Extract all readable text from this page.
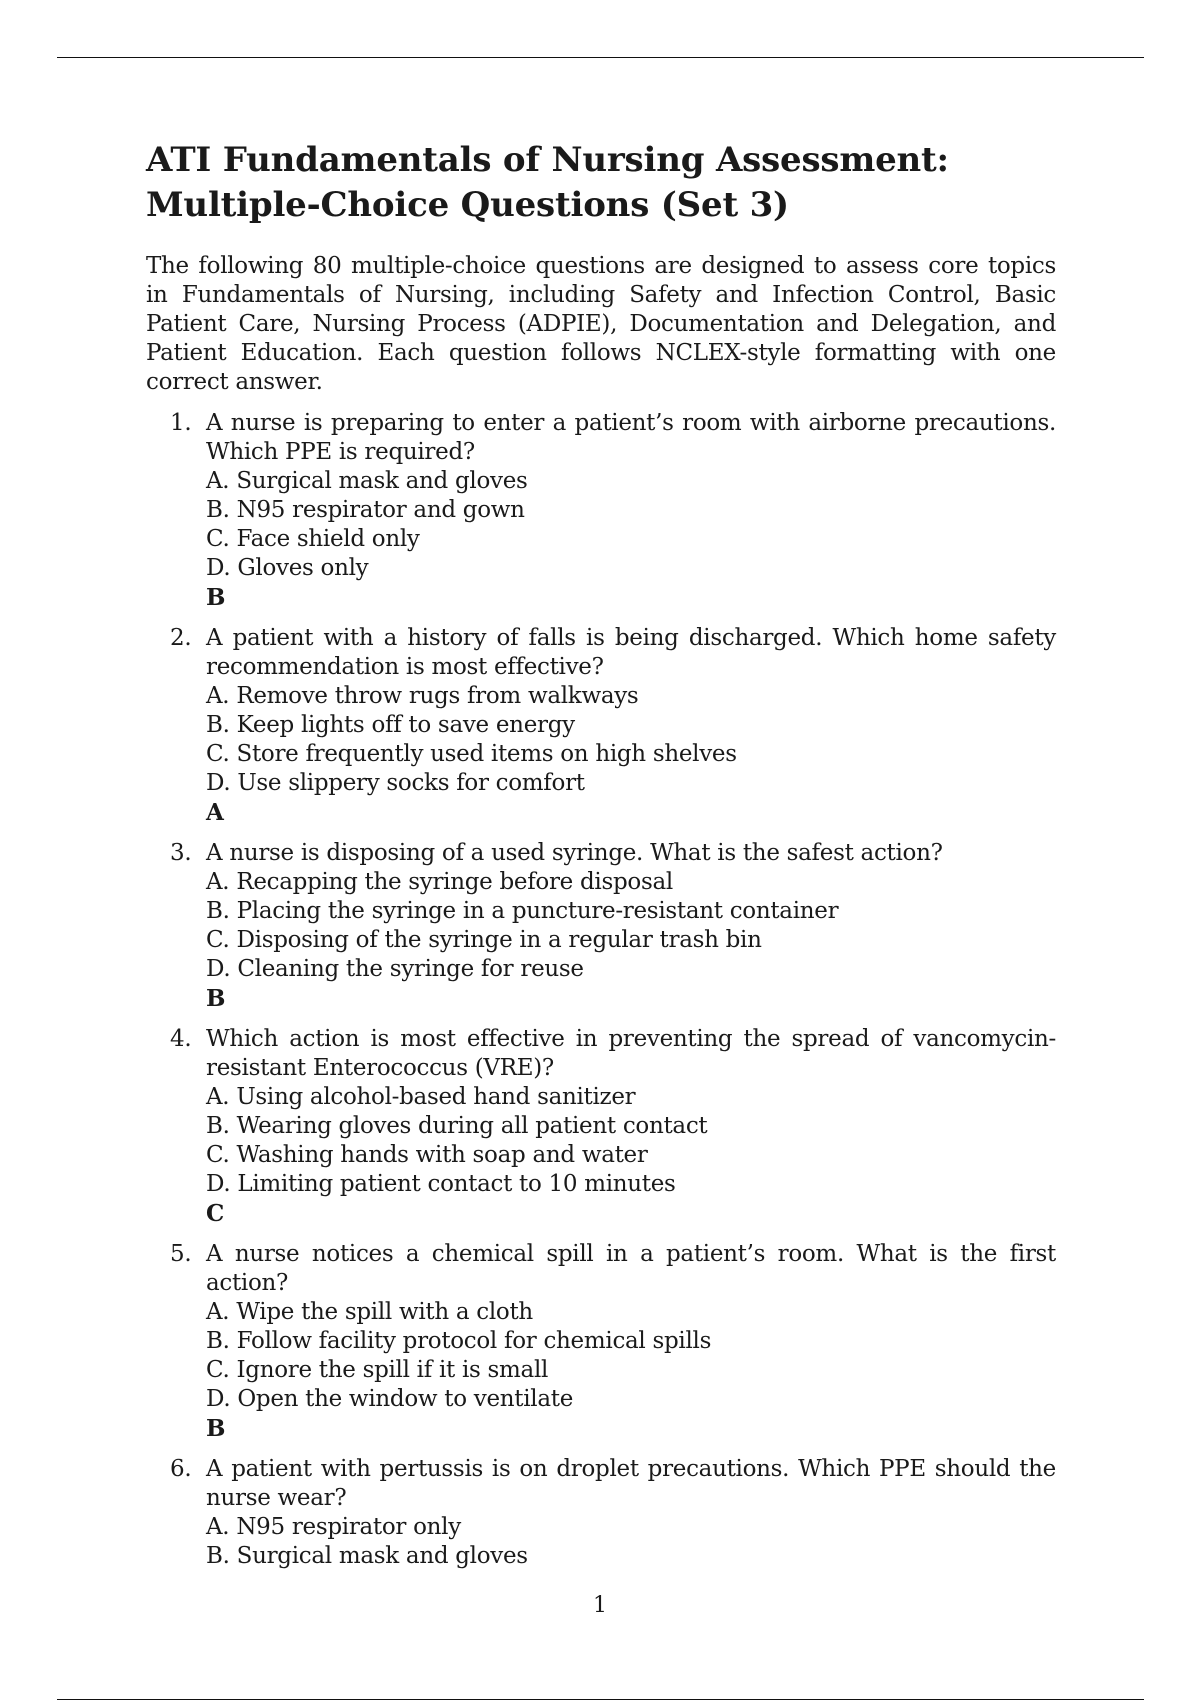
ATI Fundamentals of Nursing Assessment: Multiple-Choice Questions (Set 3)

The following 80 multiple-choice questions are designed to assess core topics in Fundamentals of Nursing, including Safety and Infection Control, Basic Patient Care, Nursing Process (ADPIE), Documentation and Delegation, and Patient Education. Each question follows NCLEX-style formatting with one correct answer.

1. A nurse is preparing to enter a patient’s room with airborne precautions. Which PPE is required?
A. Surgical mask and gloves
B. N95 respirator and gown
C. Face shield only
D. Gloves only
B
2. A patient with a history of falls is being discharged. Which home safety recommendation is most effective?
A. Remove throw rugs from walkways
B. Keep lights off to save energy
C. Store frequently used items on high shelves
D. Use slippery socks for comfort
A
3. A nurse is disposing of a used syringe. What is the safest action?
A. Recapping the syringe before disposal
B. Placing the syringe in a puncture-resistant container
C. Disposing of the syringe in a regular trash bin
D. Cleaning the syringe for reuse
B
4. Which action is most effective in preventing the spread of vancomycin-resistant Enterococcus (VRE)?
A. Using alcohol-based hand sanitizer
B. Wearing gloves during all patient contact
C. Washing hands with soap and water
D. Limiting patient contact to 10 minutes
C
5. A nurse notices a chemical spill in a patient’s room. What is the first action?
A. Wipe the spill with a cloth
B. Follow facility protocol for chemical spills
C. Ignore the spill if it is small
D. Open the window to ventilate
B
6. A patient with pertussis is on droplet precautions. Which PPE should the nurse wear?
A. N95 respirator only
B. Surgical mask and gloves
1
